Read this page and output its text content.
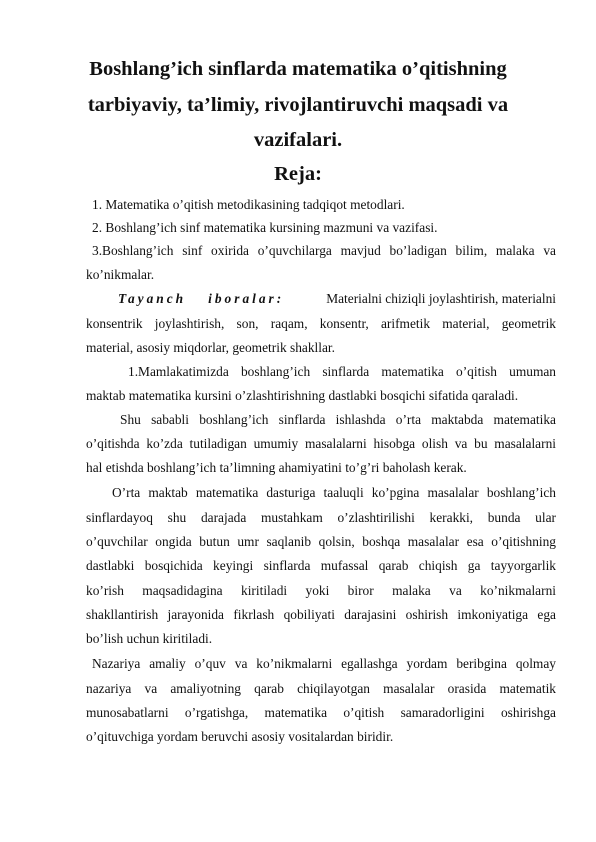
Boshlang’ich sinflarda matematika o’qitishning
tarbiyaviy, ta’limiy, rivojlantiruvchi maqsadi va
vazifalari.
Reja:
1. Matematika o’qitish metodikasining tadqiqot metodlari.
2. Boshlang’ich sinf matematika kursining mazmuni va vazifasi.
3.Boshlang’ich sinf oxirida o’quvchilarga mavjud bo’ladigan bilim, malaka va
ko’nikmalar.
Tayanch iboralar:	Materialni chiziqli joylashtirish, materialni
konsentrik joylashtirish, son, raqam, konsentr, arifmetik material, geometrik
material, asosiy miqdorlar, geometrik shakllar.
1.Mamlakatimizda boshlang’ich sinflarda matematika o’qitish umuman
maktab matematika kursini o’zlashtirishning dastlabki bosqichi sifatida qaraladi.
Shu sababli boshlang’ich sinflarda ishlashda o’rta maktabda matematika
o’qitishda ko’zda tutiladigan umumiy masalalarni hisobga olish va bu masalalarni
hal etishda boshlang’ich ta’limning ahamiyatini to’g’ri baholash kerak.
O’rta maktab matematika dasturiga taaluqli ko’pgina masalalar boshlang’ich
sinflardayoq shu darajada mustahkam o’zlashtirilishi kerakki, bunda ular
o’quvchilar ongida butun umr saqlanib qolsin, boshqa masalalar esa o’qitishning
dastlabki bosqichida keyingi sinflarda mufassal qarab chiqish ga tayyorgarlik
ko’rish maqsadidagina kiritiladi yoki biror malaka va ko’nikmalarni
shakllantirish jarayonida fikrlash qobiliyati darajasini oshirish imkoniyatiga ega
bo’lish uchun kiritiladi.
Nazariya amaliy o’quv va ko’nikmalarni egallashga yordam beribgina qolmay
nazariya va amaliyotning qarab chiqilayotgan masalalar orasida matematik
munosabatlarni o’rgatishga, matematika o’qitish samaradorligini oshirishga
o’qituvchiga yordam beruvchi asosiy vositalardan biridir.
